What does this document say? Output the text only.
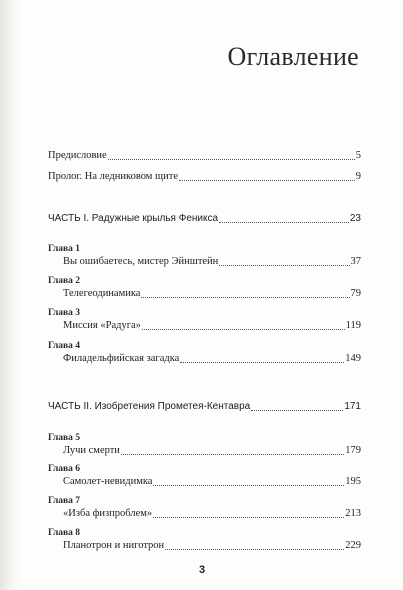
Оглавление
Предисловие	5
Пролог. На ледниковом щите	9
ЧАСТЬ I. Радужные крылья Феникса	23
Глава 1
Вы ошибаетесь, мистер Эйнштейн	37
Глава 2
Телегеодинамика	79
Глава 3
Миссия «Радуга»	119
Глава 4
Филадельфийская загадка	149
ЧАСТЬ II. Изобретения Прометея-Кентавра	171
Глава 5
Лучи смерти	179
Глава 6
Самолет-невидимка	195
Глава 7
«Изба физпроблем»	213
Глава 8
Планотрон и ниготрон	229
3
